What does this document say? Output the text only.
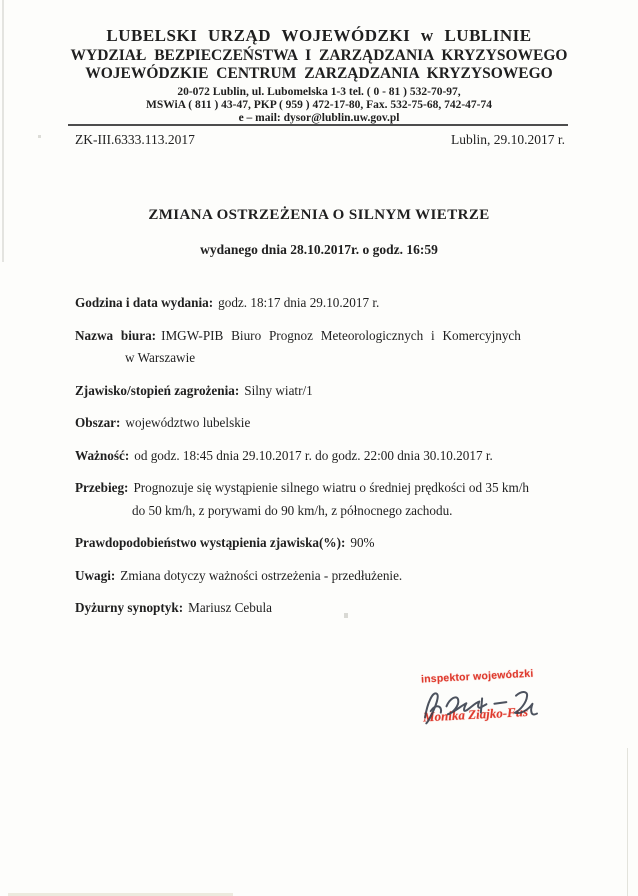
LUBELSKI URZĄD WOJEWÓDZKI w LUBLINIE
WYDZIAŁ BEZPIECZEŃSTWA I ZARZĄDZANIA KRYZYSOWEGO
WOJEWÓDZKIE CENTRUM ZARZĄDZANIA KRYZYSOWEGO
20-072 Lublin, ul. Lubomelska 1-3 tel. ( 0 - 81 ) 532-70-97,
MSWiA ( 811 ) 43-47, PKP ( 959 ) 472-17-80, Fax. 532-75-68, 742-47-74
e – mail: dysor@lublin.uw.gov.pl
ZK-III.6333.113.2017	Lublin, 29.10.2017 r.
ZMIANA OSTRZEŻENIA O SILNYM WIETRZE
wydanego dnia 28.10.2017r. o godz. 16:59
Godzina i data wydania: godz. 18:17 dnia 29.10.2017 r.
Nazwa biura: IMGW-PIB Biuro Prognoz Meteorologicznych i Komercyjnych
w Warszawie
Zjawisko/stopień zagrożenia: Silny wiatr/1
Obszar: województwo lubelskie
Ważność: od godz. 18:45 dnia 29.10.2017 r. do godz. 22:00 dnia 30.10.2017 r.
Przebieg: Prognozuje się wystąpienie silnego wiatru o średniej prędkości od 35 km/h
do 50 km/h, z porywami do 90 km/h, z północnego zachodu.
Prawdopodobieństwo wystąpienia zjawiska(%): 90%
Uwagi: Zmiana dotyczy ważności ostrzeżenia - przedłużenie.
Dyżurny synoptyk: Mariusz Cebula
inspektor wojewódzki
Monika Ziajko-Fus
